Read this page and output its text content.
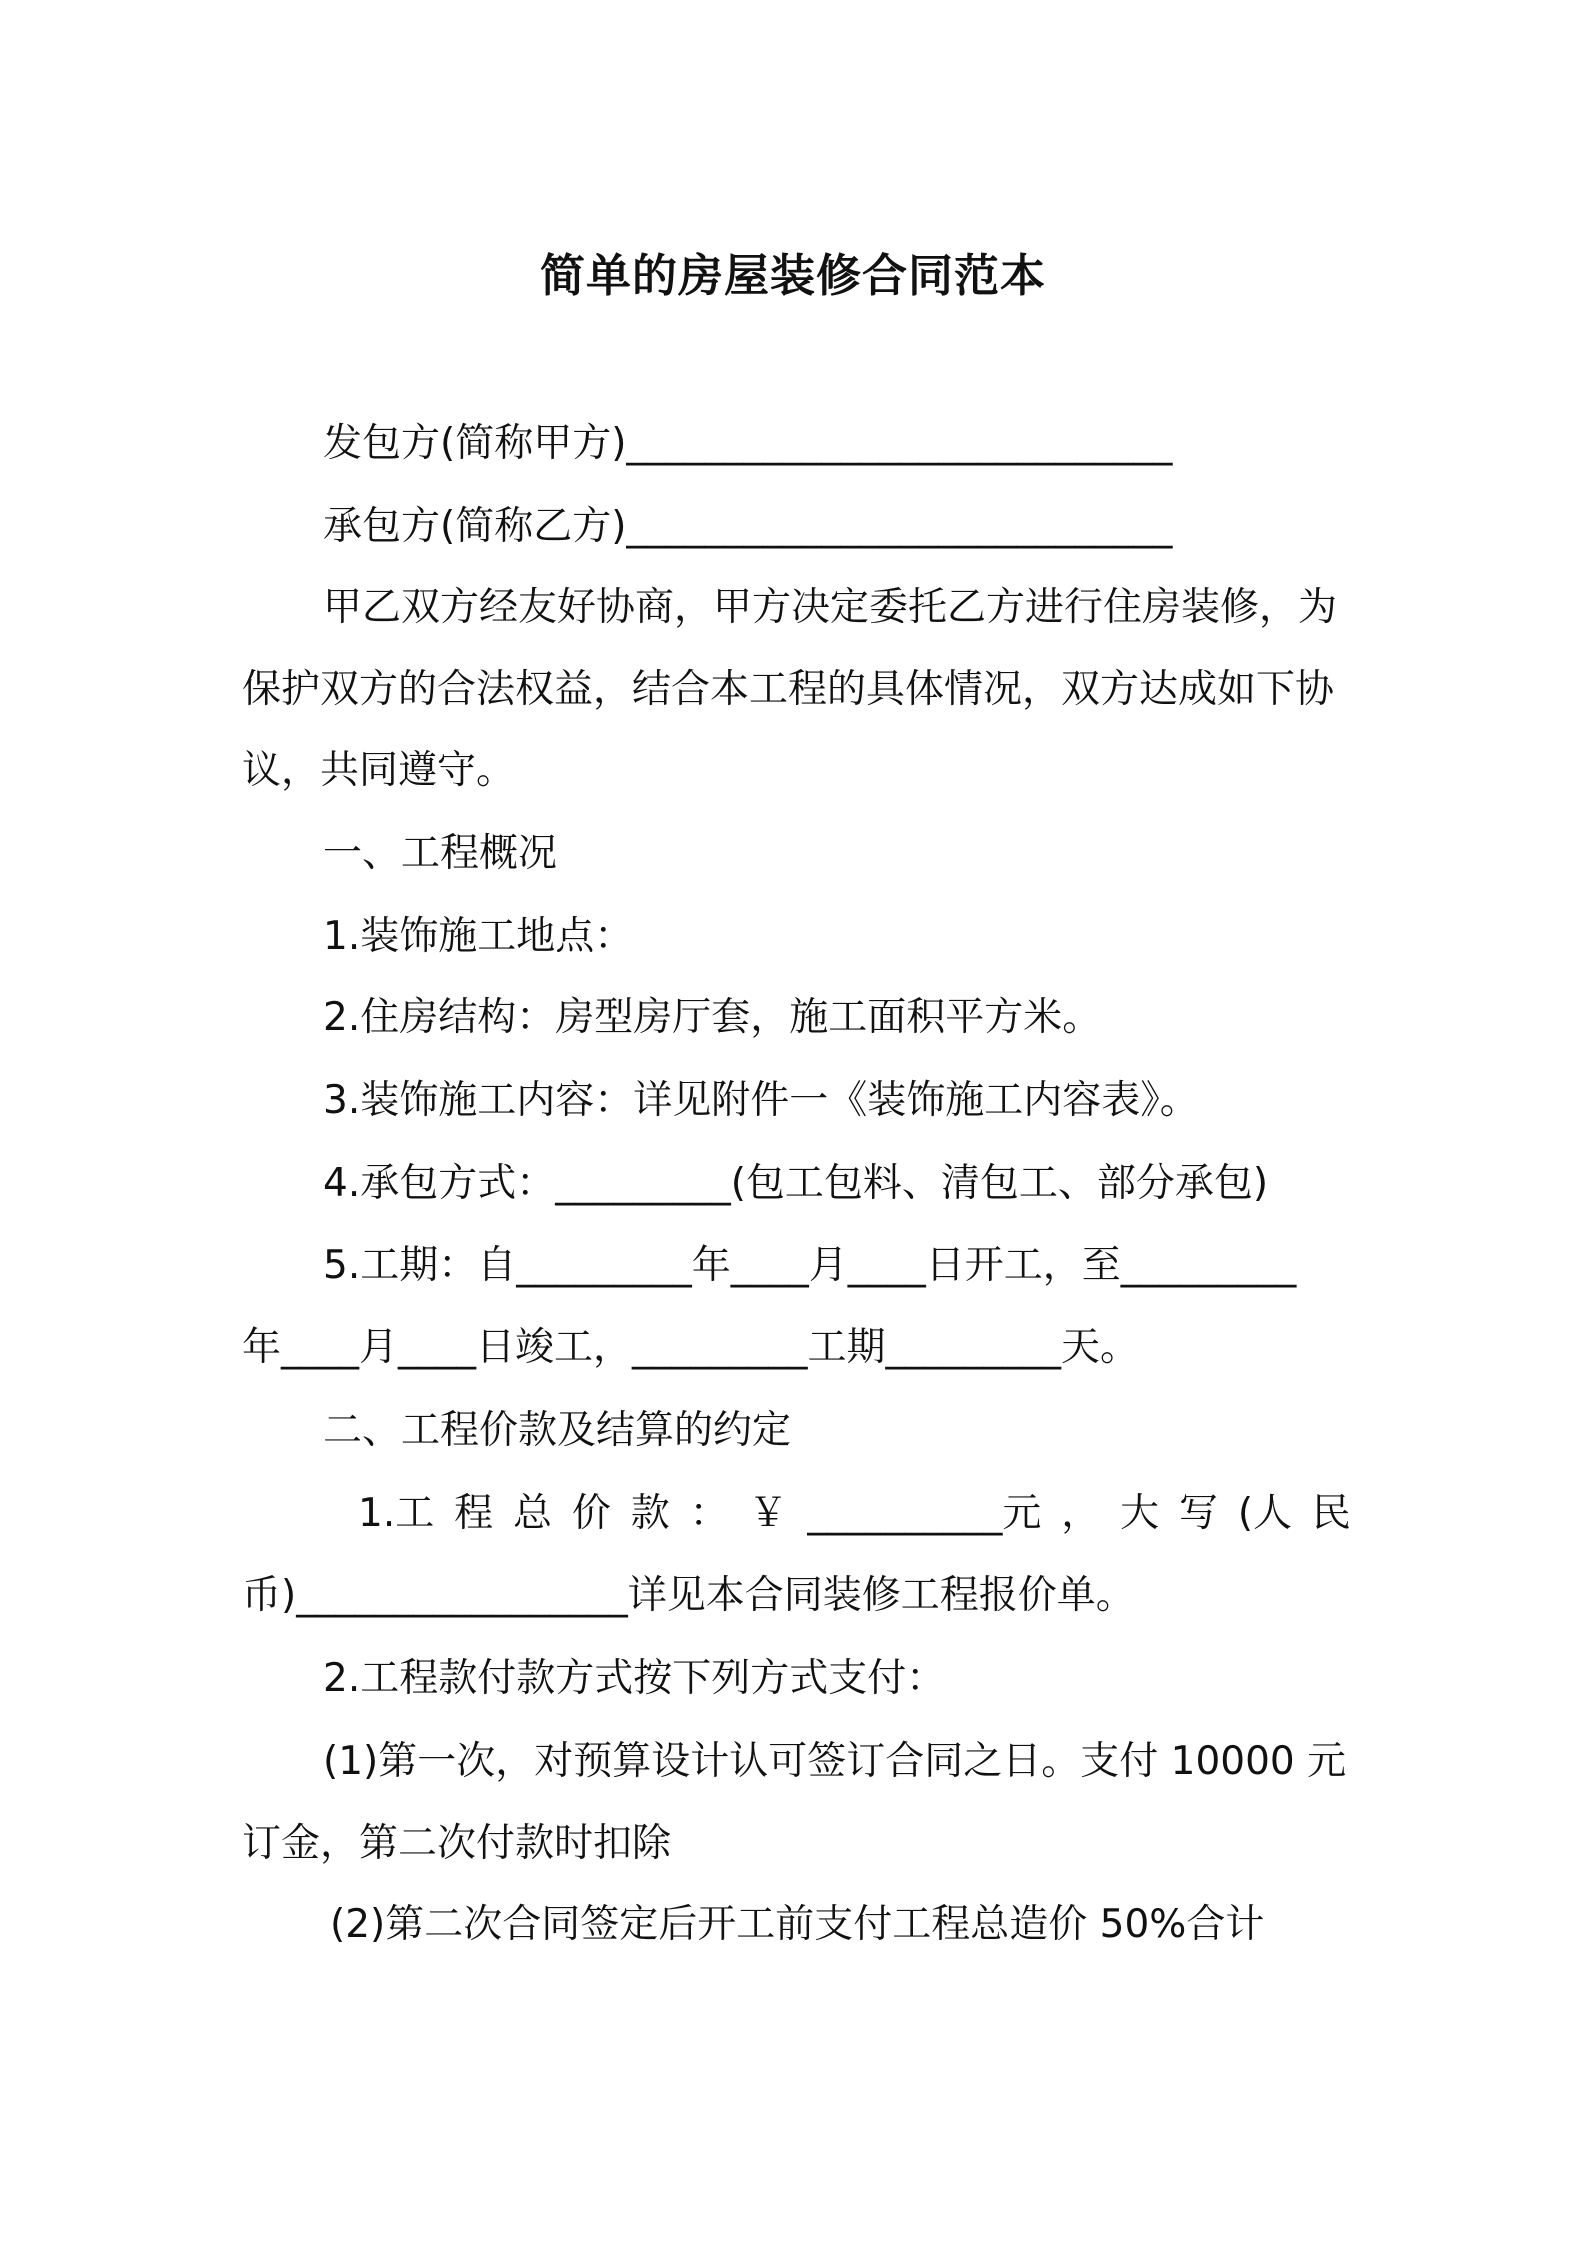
简单的房屋装修合同范本

发包方(简称甲方)____________________________

承包方(简称乙方)____________________________

甲乙双方经友好协商，甲方决定委托乙方进行住房装修，为

保护双方的合法权益，结合本工程的具体情况，双方达成如下协

议，共同遵守。

一、工程概况

1.装饰施工地点：

2.住房结构：房型房厅套，施工面积平方米。

3.装饰施工内容：详见附件一《装饰施工内容表》。

4.承包方式：_________(包工包料、清包工、部分承包)

5.工期：自_________年____月____日开工，至_________

年____月____日竣工，_________工期_________天。

二、工程价款及结算的约定

1.工 程 总 价 款 ： ￥ __________元 ， 大 写 (人 民

币)_________________详见本合同装修工程报价单。

2.工程款付款方式按下列方式支付：

(1)第一次，对预算设计认可签订合同之日。支付 10000 元

订金，第二次付款时扣除

(2)第二次合同签定后开工前支付工程总造价 50%合计
